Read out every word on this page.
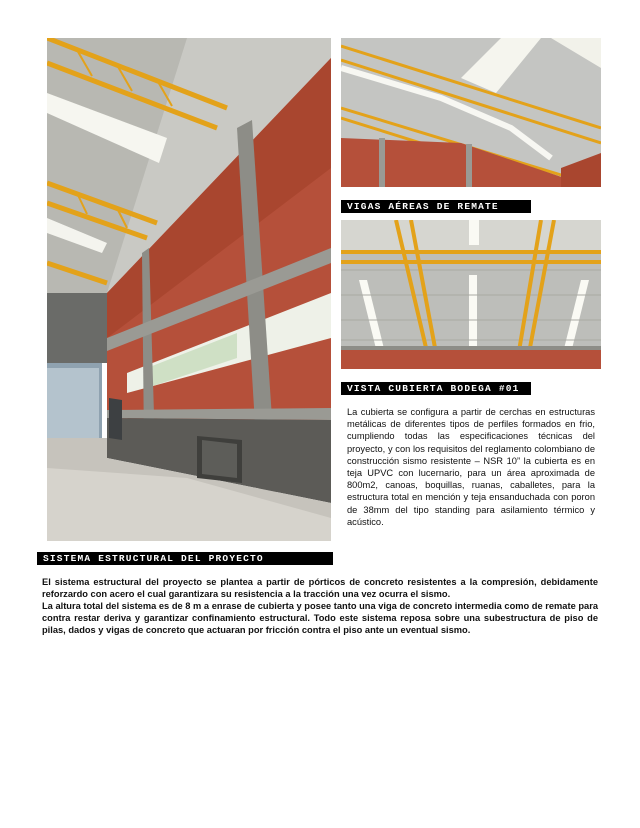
VIGAS AÉREAS DE REMATE
VISTA CUBIERTA BODEGA #01

La cubierta se configura a partir de cerchas en estructuras metálicas de diferentes tipos de perfiles formados en frio, cumpliendo todas las especificaciones técnicas del proyecto, y con los requisitos del reglamento colombiano de construcción sismo resistente – NSR 10” la cubierta es en teja UPVC con lucernario, para un área aproximada de 800m2, canoas, boquillas, ruanas, caballetes, para la estructura total en mención y teja ensanduchada con poron de 38mm del tipo standing para asilamiento térmico y acústico.

SISTEMA ESTRUCTURAL DEL PROYECTO

El sistema estructural del proyecto se plantea a partir de pórticos de concreto resistentes a la compresión, debidamente reforzardo con acero el cual garantizara su resistencia a la tracción una vez ocurra el sismo.

La altura total del sistema es de 8 m a enrase de cubierta y posee tanto una viga de concreto intermedia como de remate para contra restar deriva y garantizar confinamiento estructural. Todo este sistema reposa sobre una subestructura de piso de pilas, dados y vigas de concreto que actuaran por fricción contra el piso ante un eventual sismo.
